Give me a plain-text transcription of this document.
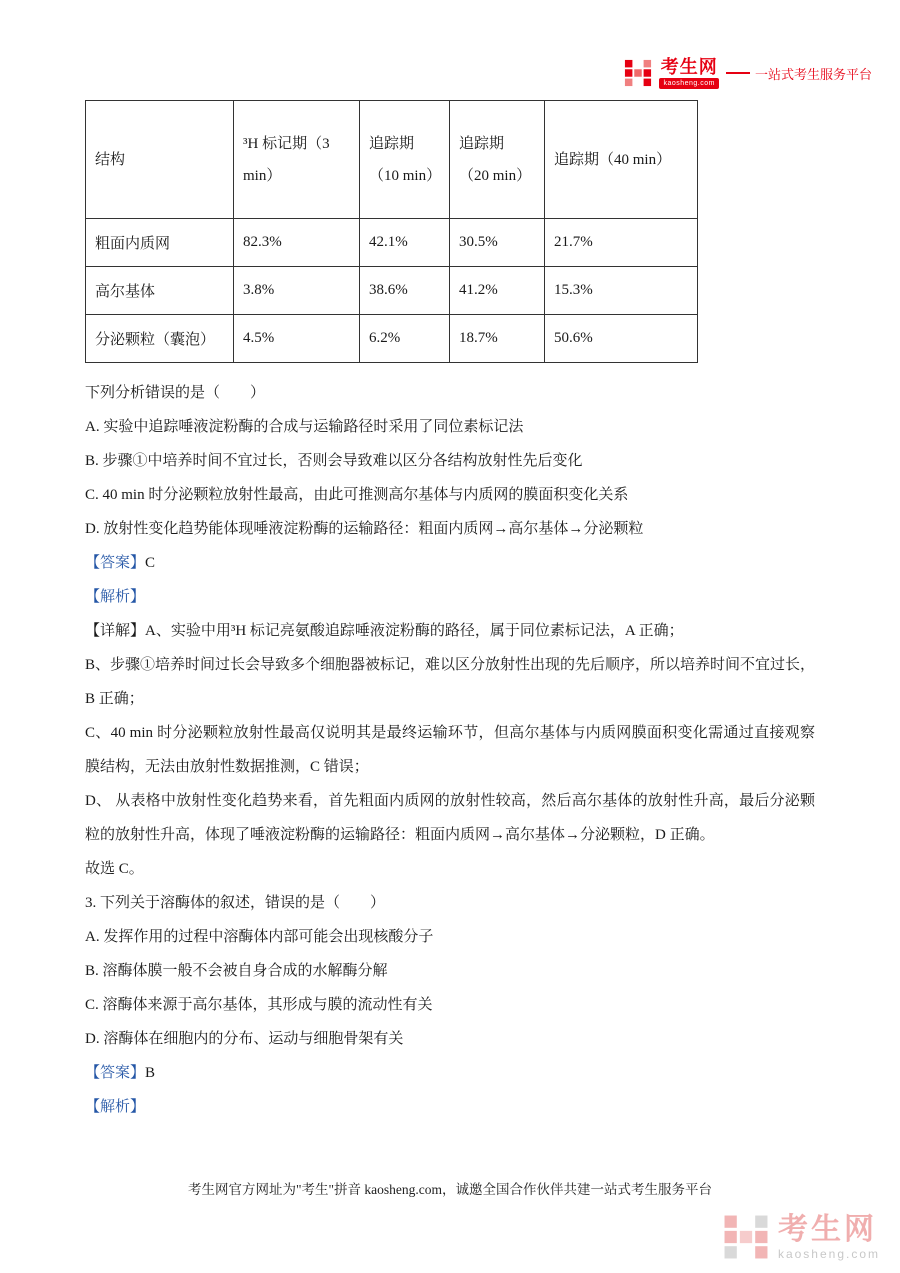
考生网
kaosheng.com
一站式考生服务平台
结构	³H 标记期（3 min）	追踪期 （10 min）	追踪期 （20 min）	追踪期（40 min）
粗面内质网	82.3%	42.1%	30.5%	21.7%
高尔基体	3.8%	38.6%	41.2%	15.3%
分泌颗粒（囊泡）	4.5%	6.2%	18.7%	50.6%

下列分析错误的是（　　）

A. 实验中追踪唾液淀粉酶的合成与运输路径时采用了同位素标记法

B. 步骤①中培养时间不宜过长，否则会导致难以区分各结构放射性先后变化

C. 40 min 时分泌颗粒放射性最高，由此可推测高尔基体与内质网的膜面积变化关系

D. 放射性变化趋势能体现唾液淀粉酶的运输路径：粗面内质网→高尔基体→分泌颗粒

【答案】C

【解析】

【详解】A、实验中用³H 标记亮氨酸追踪唾液淀粉酶的路径，属于同位素标记法，A 正确；

B、步骤①培养时间过长会导致多个细胞器被标记，难以区分放射性出现的先后顺序，所以培养时间不宜过长，B 正确；

C、40 min 时分泌颗粒放射性最高仅说明其是最终运输环节，但高尔基体与内质网膜面积变化需通过直接观察膜结构，无法由放射性数据推测，C 错误；

D、 从表格中放射性变化趋势来看，首先粗面内质网的放射性较高，然后高尔基体的放射性升高，最后分泌颗粒的放射性升高，体现了唾液淀粉酶的运输路径：粗面内质网→高尔基体→分泌颗粒，D 正确。

故选 C。

3. 下列关于溶酶体的叙述，错误的是（　　）

A. 发挥作用的过程中溶酶体内部可能会出现核酸分子

B. 溶酶体膜一般不会被自身合成的水解酶分解

C. 溶酶体来源于高尔基体，其形成与膜的流动性有关

D. 溶酶体在细胞内的分布、运动与细胞骨架有关

【答案】B

【解析】

考生网官方网址为"考生"拼音 kaosheng.com，诚邀全国合作伙伴共建一站式考生服务平台
考生网
kaosheng.com
